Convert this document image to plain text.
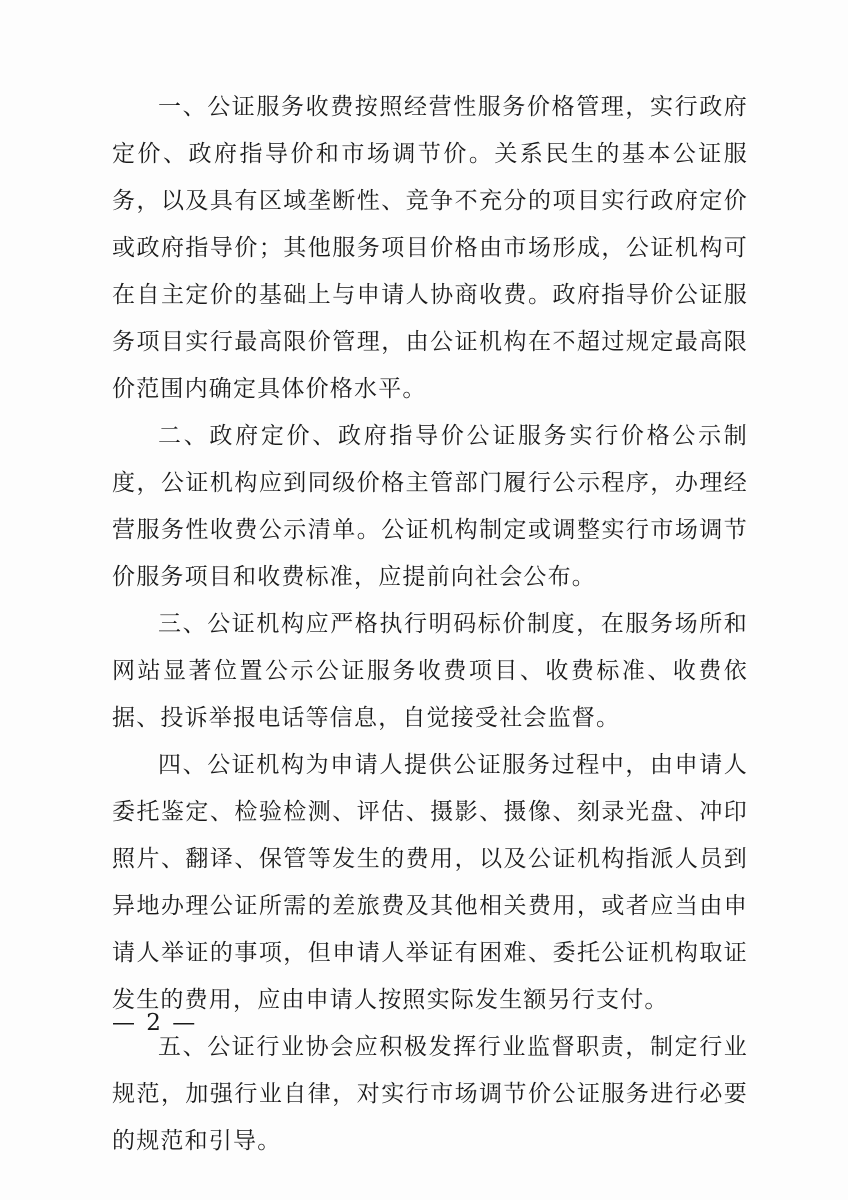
一、公证服务收费按照经营性服务价格管理，实行政府定价、政府指导价和市场调节价。关系民生的基本公证服务，以及具有区域垄断性、竞争不充分的项目实行政府定价或政府指导价；其他服务项目价格由市场形成，公证机构可在自主定价的基础上与申请人协商收费。政府指导价公证服务项目实行最高限价管理，由公证机构在不超过规定最高限价范围内确定具体价格水平。

二、政府定价、政府指导价公证服务实行价格公示制度，公证机构应到同级价格主管部门履行公示程序，办理经营服务性收费公示清单。公证机构制定或调整实行市场调节价服务项目和收费标准，应提前向社会公布。

三、公证机构应严格执行明码标价制度，在服务场所和网站显著位置公示公证服务收费项目、收费标准、收费依据、投诉举报电话等信息，自觉接受社会监督。

四、公证机构为申请人提供公证服务过程中，由申请人委托鉴定、检验检测、评估、摄影、摄像、刻录光盘、冲印照片、翻译、保管等发生的费用，以及公证机构指派人员到异地办理公证所需的差旅费及其他相关费用，或者应当由申请人举证的事项，但申请人举证有困难、委托公证机构取证发生的费用，应由申请人按照实际发生额另行支付。

五、公证行业协会应积极发挥行业监督职责，制定行业规范，加强行业自律，对实行市场调节价公证服务进行必要的规范和引导。

— 2 —
